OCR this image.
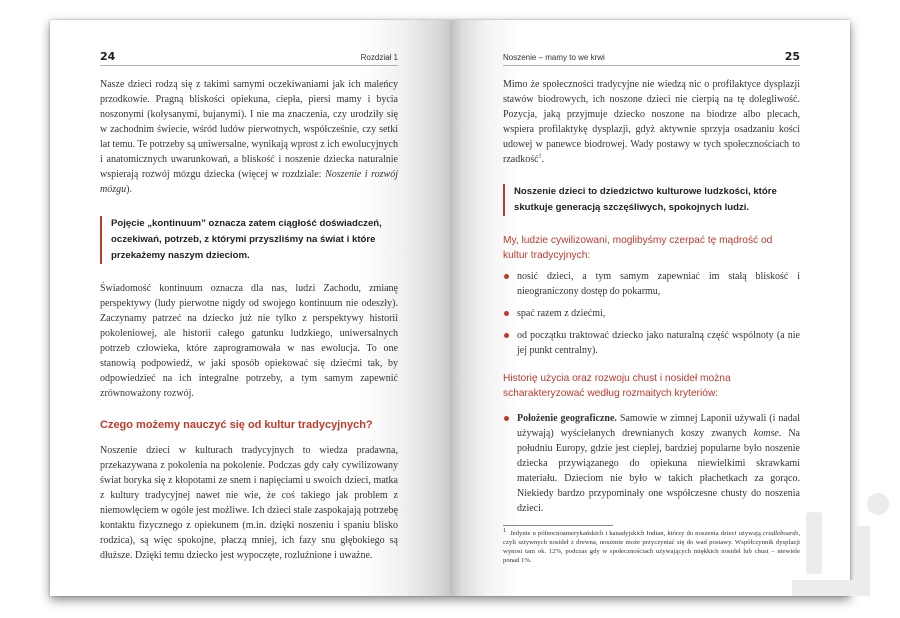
24	Rozdział 1

Nasze dzieci rodzą się z takimi samymi oczekiwaniami jak ich maleńcy przodkowie. Pragną bliskości opiekuna, ciepła, piersi mamy i bycia noszonymi (kołysanymi, bujanymi). I nie ma znaczenia, czy urodziły się w zachodnim świecie, wśród ludów pierwotnych, współcześnie, czy setki lat temu. Te potrzeby są uniwersalne, wynikają wprost z ich ewolucyjnych i anatomicznych uwarunkowań, a bliskość i noszenie dziecka naturalnie wspierają rozwój mózgu dziecka (więcej w rozdziale: Noszenie i rozwój mózgu).

Pojęcie „kontinuum” oznacza zatem ciągłość doświadczeń, oczekiwań, potrzeb, z którymi przyszliśmy na świat i które przekażemy naszym dzieciom.

Świadomość kontinuum oznacza dla nas, ludzi Zachodu, zmianę perspektywy (ludy pierwotne nigdy od swojego kontinuum nie odeszły). Zaczynamy patrzeć na dziecko już nie tylko z perspektywy historii pokoleniowej, ale historii całego gatunku ludzkiego, uniwersalnych potrzeb człowieka, które zaprogramowała w nas ewolucja. To one stanowią podpowiedź, w jaki sposób opiekować się dziećmi tak, by odpowiedzieć na ich integralne potrzeby, a tym samym zapewnić zrównoważony rozwój.

Czego możemy nauczyć się od kultur tradycyjnych?

Noszenie dzieci w kulturach tradycyjnych to wiedza pradawna, przekazywana z pokolenia na pokolenie. Podczas gdy cały cywilizowany świat boryka się z kłopotami ze snem i napięciami u swoich dzieci, matka z kultury tradycyjnej nawet nie wie, że coś takiego jak problem z niemowlęciem w ogóle jest możliwe. Ich dzieci stale zaspokajają potrzebę kontaktu fizycznego z opiekunem (m.in. dzięki noszeniu i spaniu blisko rodzica), są więc spokojne, płaczą mniej, ich fazy snu głębokiego są dłuższe. Dzięki temu dziecko jest wypoczęte, rozluźnione i uważne.

Noszenie – mamy to we krwi	25

Mimo że społeczności tradycyjne nie wiedzą nic o profilaktyce dysplazji stawów biodrowych, ich noszone dzieci nie cierpią na tę dolegliwość. Pozycja, jaką przyjmuje dziecko noszone na biodrze albo plecach, wspiera profilaktykę dysplazji, gdyż aktywnie sprzyja osadzaniu kości udowej w panewce biodrowej. Wady postawy w tych społecznościach to rzadkość$^1$.

Noszenie dzieci to dziedzictwo kulturowe ludzkości, które skutkuje generacją szczęśliwych, spokojnych ludzi.
My, ludzie cywilizowani, moglibyśmy czerpać tę mądrość od kultur tradycyjnych:

nosić dzieci, a tym samym zapewniać im stałą bliskość i nieograniczony dostęp do pokarmu,

spać razem z dziećmi,

od początku traktować dziecko jako naturalną część wspólnoty (a nie jej punkt centralny).

Historię użycia oraz rozwoju chust i nosideł można scharakteryzować według rozmaitych kryteriów:

Położenie geograficzne. Samowie w zimnej Laponii używali (i nadal używają) wyściełanych drewnianych koszy zwanych komse. Na południu Europy, gdzie jest cieplej, bardziej popularne było noszenie dziecka przywiązanego do opiekuna niewielkimi skrawkami materiału. Dzieciom nie było w takich płachetkach za gorąco. Niekiedy bardzo przypominały one współczesne chusty do noszenia dzieci.

1 Jedynie u północnoamerykańskich i kanadyjskich Indian, którzy do noszenia dzieci używają cradleboards, czyli sztywnych nosideł z drewna, noszenie może przyczyniać się do wad postawy. Współczynnik dysplazji wynosi tam ok. 12%, podczas gdy w społecznościach używających miękkich nosideł lub chust – niewiele ponad 1%.
